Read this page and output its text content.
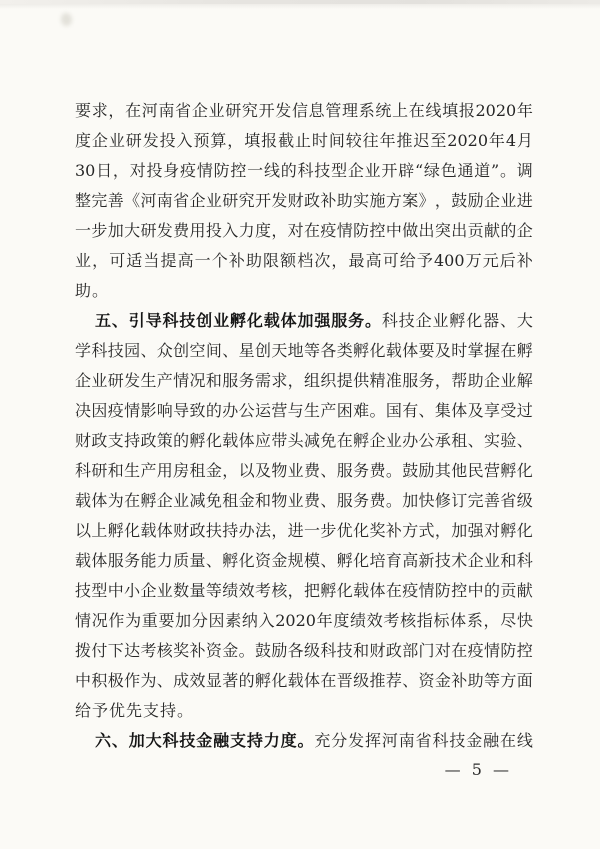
要 求 ， 在 河 南 省 企 业 研 究 开 发 信 息 管 理 系 统 上 在 线 填 报 2020 年
度 企 业 研 发 投 入 预 算 ， 填 报 截 止 时 间 较 往 年 推 迟 至 2020 年 4 月
30 日 ， 对 投 身 疫 情 防 控 一 线 的 科 技 型 企 业 开 辟 “ 绿 色 通 道 ” 。 调
整 完 善 《 河 南 省 企 业 研 究 开 发 财 政 补 助 实 施 方 案 》 ， 鼓 励 企 业 进
一 步 加 大 研 发 费 用 投 入 力 度 ， 对 在 疫 情 防 控 中 做 出 突 出 贡 献 的 企
业 ， 可 适 当 提 高 一 个 补 助 限 额 档 次 ， 最 高 可 给 予 400 万 元 后 补
助。
五 、 引 导 科 技 创 业 孵 化 载 体 加 强 服 务 。 科 技 企 业 孵 化 器 、 大
学 科 技 园 、 众 创 空 间 、 星 创 天 地 等 各 类 孵 化 载 体 要 及 时 掌 握 在 孵
企 业 研 发 生 产 情 况 和 服 务 需 求 ， 组 织 提 供 精 准 服 务 ， 帮 助 企 业 解
决 因 疫 情 影 响 导 致 的 办 公 运 营 与 生 产 困 难 。 国 有 、 集 体 及 享 受 过
财 政 支 持 政 策 的 孵 化 载 体 应 带 头 减 免 在 孵 企 业 办 公 承 租 、 实 验 、
科 研 和 生 产 用 房 租 金 ， 以 及 物 业 费 、 服 务 费 。 鼓 励 其 他 民 营 孵 化
载 体 为 在 孵 企 业 减 免 租 金 和 物 业 费 、 服 务 费 。 加 快 修 订 完 善 省 级
以 上 孵 化 载 体 财 政 扶 持 办 法 ， 进 一 步 优 化 奖 补 方 式 ， 加 强 对 孵 化
载 体 服 务 能 力 质 量 、 孵 化 资 金 规 模 、 孵 化 培 育 高 新 技 术 企 业 和 科
技 型 中 小 企 业 数 量 等 绩 效 考 核 ， 把 孵 化 载 体 在 疫 情 防 控 中 的 贡 献
情 况 作 为 重 要 加 分 因 素 纳 入 2020 年 度 绩 效 考 核 指 标 体 系 ， 尽 快
拨 付 下 达 考 核 奖 补 资 金 。 鼓 励 各 级 科 技 和 财 政 部 门 对 在 疫 情 防 控
中 积 极 作 为 、 成 效 显 著 的 孵 化 载 体 在 晋 级 推 荐 、 资 金 补 助 等 方 面
给予优先支持。
六 、 加 大 科 技 金 融 支 持 力 度 。 充 分 发 挥 河 南 省 科 技 金 融 在 线
— 5 —
